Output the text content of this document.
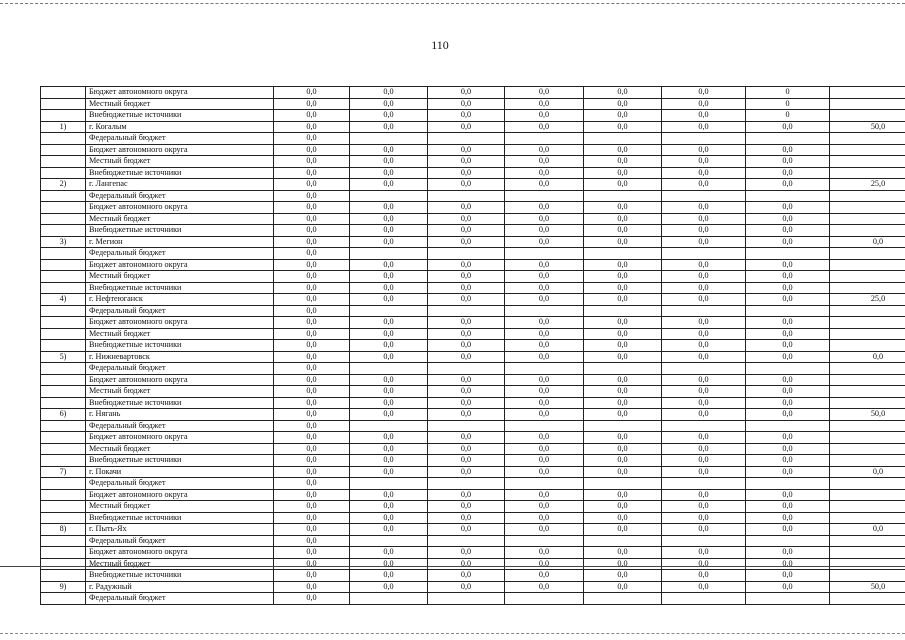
110
	Бюджет автономного округа	0,0	0,0	0,0	0,0	0,0	0,0	0	
	Местный бюджет	0,0	0,0	0,0	0,0	0,0	0,0	0	
	Внебюджетные источники	0,0	0,0	0,0	0,0	0,0	0,0	0	
1)	г. Когалым	0,0	0,0	0,0	0,0	0,0	0,0	0,0	50,0
	Федеральный бюджет	0,0							
	Бюджет автономного округа	0,0	0,0	0,0	0,0	0,0	0,0	0,0	
	Местный бюджет	0,0	0,0	0,0	0,0	0,0	0,0	0,0	
	Внебюджетные источники	0,0	0,0	0,0	0,0	0,0	0,0	0,0	
2)	г. Лангепас	0,0	0,0	0,0	0,0	0,0	0,0	0,0	25,0
	Федеральный бюджет	0,0							
	Бюджет автономного округа	0,0	0,0	0,0	0,0	0,0	0,0	0,0	
	Местный бюджет	0,0	0,0	0,0	0,0	0,0	0,0	0,0	
	Внебюджетные источники	0,0	0,0	0,0	0,0	0,0	0,0	0,0	
3)	г. Мегион	0,0	0,0	0,0	0,0	0,0	0,0	0,0	0,0
	Федеральный бюджет	0,0							
	Бюджет автономного округа	0,0	0,0	0,0	0,0	0,0	0,0	0,0	
	Местный бюджет	0,0	0,0	0,0	0,0	0,0	0,0	0,0	
	Внебюджетные источники	0,0	0,0	0,0	0,0	0,0	0,0	0,0	
4)	г. Нефтеюганск	0,0	0,0	0,0	0,0	0,0	0,0	0,0	25,0
	Федеральный бюджет	0,0							
	Бюджет автономного округа	0,0	0,0	0,0	0,0	0,0	0,0	0,0	
	Местный бюджет	0,0	0,0	0,0	0,0	0,0	0,0	0,0	
	Внебюджетные источники	0,0	0,0	0,0	0,0	0,0	0,0	0,0	
5)	г. Нижневартовск	0,0	0,0	0,0	0,0	0,0	0,0	0,0	0,0
	Федеральный бюджет	0,0							
	Бюджет автономного округа	0,0	0,0	0,0	0,0	0,0	0,0	0,0	
	Местный бюджет	0,0	0,0	0,0	0,0	0,0	0,0	0,0	
	Внебюджетные источники	0,0	0,0	0,0	0,0	0,0	0,0	0,0	
6)	г. Нягань	0,0	0,0	0,0	0,0	0,0	0,0	0,0	50,0
	Федеральный бюджет	0,0							
	Бюджет автономного округа	0,0	0,0	0,0	0,0	0,0	0,0	0,0	
	Местный бюджет	0,0	0,0	0,0	0,0	0,0	0,0	0,0	
	Внебюджетные источники	0,0	0,0	0,0	0,0	0,0	0,0	0,0	
7)	г. Покачи	0,0	0,0	0,0	0,0	0,0	0,0	0,0	0,0
	Федеральный бюджет	0,0							
	Бюджет автономного округа	0,0	0,0	0,0	0,0	0,0	0,0	0,0	
	Местный бюджет	0,0	0,0	0,0	0,0	0,0	0,0	0,0	
	Внебюджетные источники	0,0	0,0	0,0	0,0	0,0	0,0	0,0	
8)	г. Пыть-Ях	0,0	0,0	0,0	0,0	0,0	0,0	0,0	0,0
	Федеральный бюджет	0,0							
	Бюджет автономного округа	0,0	0,0	0,0	0,0	0,0	0,0	0,0	
	Местный бюджет	0,0	0,0	0,0	0,0	0,0	0,0	0,0	
	Внебюджетные источники	0,0	0,0	0,0	0,0	0,0	0,0	0,0	
9)	г. Радужный	0,0	0,0	0,0	0,0	0,0	0,0	0,0	50,0
	Федеральный бюджет	0,0							
